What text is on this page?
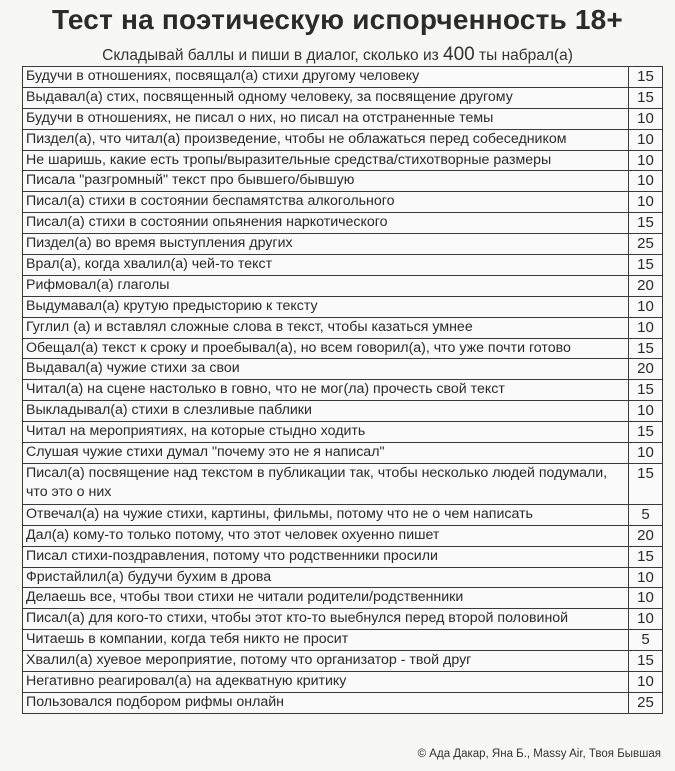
Тест на поэтическую испорченность 18+
Складывай баллы и пиши в диалог, сколько из 400 ты набрал(а)
Будучи в отношениях, посвящал(а) стихи другому человеку	15
Выдавал(а) стих, посвященный одному человеку, за посвящение другому	15
Будучи в отношениях, не писал о них, но писал на отстраненные темы	10
Пиздел(а), что читал(а) произведение, чтобы не облажаться перед собеседником	10
Не шаришь, какие есть тропы/выразительные средства/стихотворные размеры	10
Писала "разгромный" текст про бывшего/бывшую	10
Писал(а) стихи в состоянии беспамятства алкогольного	10
Писал(а) стихи в состоянии опьянения наркотического	15
Пиздел(а) во время выступления других	25
Врал(а), когда хвалил(а) чей-то текст	15
Рифмовал(а) глаголы	20
Выдумавал(а) крутую предысторию к тексту	10
Гуглил (а) и вставлял сложные слова в текст, чтобы казаться умнее	10
Обещал(а) текст к сроку и проебывал(а), но всем говорил(а), что уже почти готово	15
Выдавал(а) чужие стихи за свои	20
Читал(а) на сцене настолько в говно, что не мог(ла) прочесть свой текст	15
Выкладывал(а) стихи в слезливые паблики	10
Читал на мероприятиях, на которые стыдно ходить	15
Слушая чужие стихи думал "почему это не я написал"	10
Писал(а) посвящение над текстом в публикации так, чтобы несколько людей подумали, что это о них	15
Отвечал(а) на чужие стихи, картины, фильмы, потому что не о чем написать	5
Дал(а) кому-то только потому, что этот человек охуенно пишет	20
Писал стихи-поздравления, потому что родственники просили	15
Фристайлил(а) будучи бухим в дрова	10
Делаешь все, чтобы твои стихи не читали родители/родственники	10
Писал(а) для кого-то стихи, чтобы этот кто-то выебнулся перед второй половиной	10
Читаешь в компании, когда тебя никто не просит	5
Хвалил(а) хуевое мероприятие, потому что организатор - твой друг	15
Негативно реагировал(а) на адекватную критику	10
Пользовался подбором рифмы онлайн	25
© Ада Дакар, Яна Б., Massy Air, Твоя Бывшая
